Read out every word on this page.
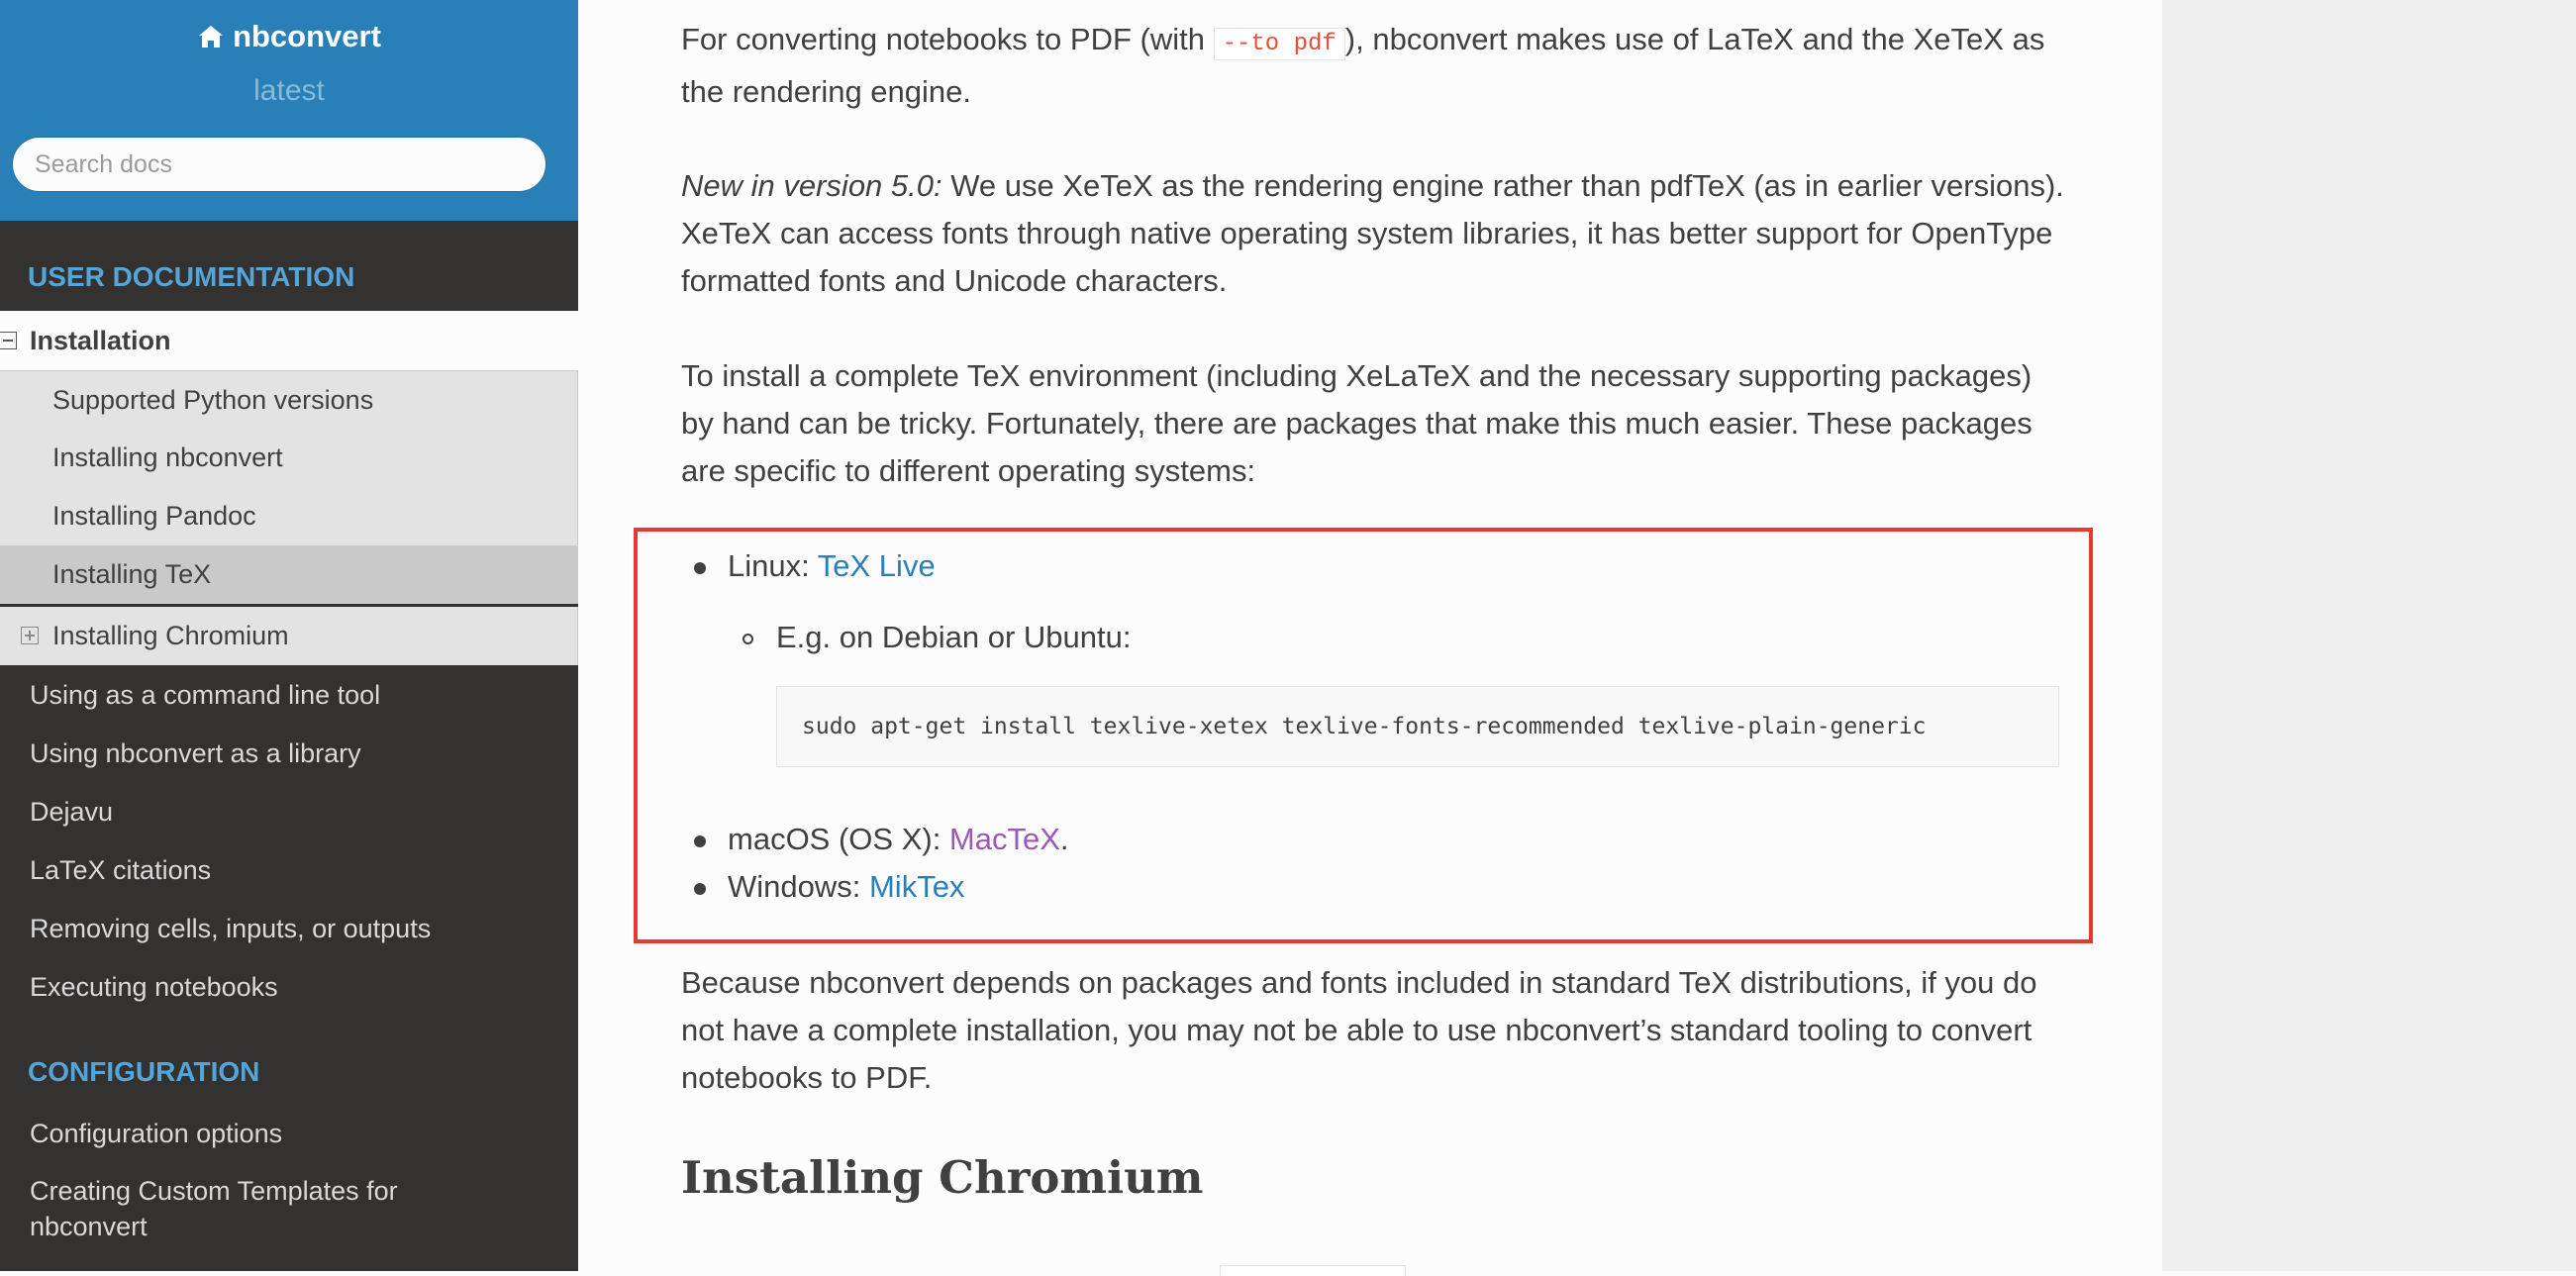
nbconvert
latest
Search docs
USER DOCUMENTATION
Installation
Supported Python versions
Installing nbconvert
Installing Pandoc
Installing TeX
Installing Chromium
Using as a command line tool
Using nbconvert as a library
Dejavu
LaTeX citations
Removing cells, inputs, or outputs
Executing notebooks
CONFIGURATION
Configuration options
Creating Custom Templates for nbconvert

For converting notebooks to PDF (with --to pdf ), nbconvert makes use of LaTeX and the XeTeX as the rendering engine.

New in version 5.0: We use XeTeX as the rendering engine rather than pdfTeX (as in earlier versions). XeTeX can access fonts through native operating system libraries, it has better support for OpenType formatted fonts and Unicode characters.

To install a complete TeX environment (including XeLaTeX and the necessary supporting packages) by hand can be tricky. Fortunately, there are packages that make this much easier. These packages are specific to different operating systems:

Linux: TeX Live
E.g. on Debian or Ubuntu:
sudo apt-get install texlive-xetex texlive-fonts-recommended texlive-plain-generic
macOS (OS X): MacTeX.
Windows: MikTex

Because nbconvert depends on packages and fonts included in standard TeX distributions, if you do not have a complete installation, you may not be able to use nbconvert’s standard tooling to convert notebooks to PDF.

Installing Chromium
